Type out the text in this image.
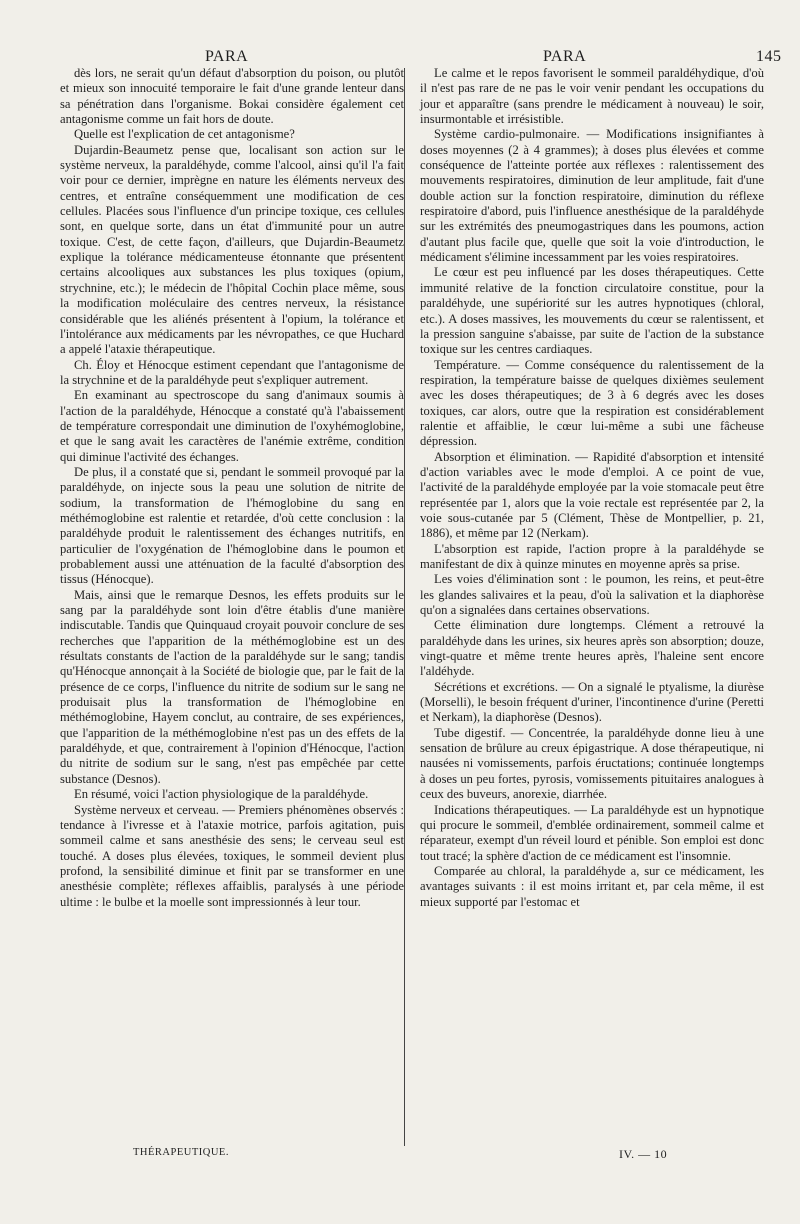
PARA	PARA	145

dès lors, ne serait qu'un défaut d'absorption du poison, ou plutôt et mieux son innocuité temporaire le fait d'une grande lenteur dans sa pénétration dans l'organisme. Bokai considère également cet antagonisme comme un fait hors de doute.

Quelle est l'explication de cet antagonisme?

Dujardin-Beaumetz pense que, localisant son action sur le système nerveux, la paraldéhyde, comme l'alcool, ainsi qu'il l'a fait voir pour ce dernier, imprègne en nature les éléments nerveux des centres, et entraîne conséquemment une modification de ces cellules. Placées sous l'influence d'un principe toxique, ces cellules sont, en quelque sorte, dans un état d'immunité pour un autre toxique. C'est, de cette façon, d'ailleurs, que Dujardin-Beaumetz explique la tolérance médicamenteuse étonnante que présentent certains alcooliques aux substances les plus toxiques (opium, strychnine, etc.); le médecin de l'hôpital Cochin place même, sous la modification moléculaire des centres nerveux, la résistance considérable que les aliénés présentent à l'opium, la tolérance et l'intolérance aux médicaments par les névropathes, ce que Huchard a appelé l'ataxie thérapeutique.

Ch. Éloy et Hénocque estiment cependant que l'antagonisme de la strychnine et de la paraldéhyde peut s'expliquer autrement.

En examinant au spectroscope du sang d'animaux soumis à l'action de la paraldéhyde, Hénocque a constaté qu'à l'abaissement de température correspondait une diminution de l'oxyhémoglobine, et que le sang avait les caractères de l'anémie extrême, condition qui diminue l'activité des échanges.

De plus, il a constaté que si, pendant le sommeil provoqué par la paraldéhyde, on injecte sous la peau une solution de nitrite de sodium, la transformation de l'hémoglobine du sang en méthémoglobine est ralentie et retardée, d'où cette conclusion : la paraldéhyde produit le ralentissement des échanges nutritifs, en particulier de l'oxygénation de l'hémoglobine dans le poumon et probablement aussi une atténuation de la faculté d'absorption des tissus (Hénocque).

Mais, ainsi que le remarque Desnos, les effets produits sur le sang par la paraldéhyde sont loin d'être établis d'une manière indiscutable. Tandis que Quinquaud croyait pouvoir conclure de ses recherches que l'apparition de la méthémoglobine est un des résultats constants de l'action de la paraldéhyde sur le sang; tandis qu'Hénocque annonçait à la Société de biologie que, par le fait de la présence de ce corps, l'influence du nitrite de sodium sur le sang ne produisait plus la transformation de l'hémoglobine en méthémoglobine, Hayem conclut, au contraire, de ses expériences, que l'apparition de la méthémoglobine n'est pas un des effets de la paraldéhyde, et que, contrairement à l'opinion d'Hénocque, l'action du nitrite de sodium sur le sang, n'est pas empêchée par cette substance (Desnos).

En résumé, voici l'action physiologique de la paraldéhyde.

Système nerveux et cerveau. — Premiers phénomènes observés : tendance à l'ivresse et à l'ataxie motrice, parfois agitation, puis sommeil calme et sans anesthésie des sens; le cerveau seul est touché. A doses plus élevées, toxiques, le sommeil devient plus profond, la sensibilité diminue et finit par se transformer en une anesthésie complète; réflexes affaiblis, paralysés à une période ultime : le bulbe et la moelle sont impressionnés à leur tour.

Le calme et le repos favorisent le sommeil paraldéhydique, d'où il n'est pas rare de ne pas le voir venir pendant les occupations du jour et apparaître (sans prendre le médicament à nouveau) le soir, insurmontable et irrésistible.

Système cardio-pulmonaire. — Modifications insignifiantes à doses moyennes (2 à 4 grammes); à doses plus élevées et comme conséquence de l'atteinte portée aux réflexes : ralentissement des mouvements respiratoires, diminution de leur amplitude, fait d'une double action sur la fonction respiratoire, diminution du réflexe respiratoire d'abord, puis l'influence anesthésique de la paraldéhyde sur les extrémités des pneumogastriques dans les poumons, action d'autant plus facile que, quelle que soit la voie d'introduction, le médicament s'élimine incessamment par les voies respiratoires.

Le cœur est peu influencé par les doses thérapeutiques. Cette immunité relative de la fonction circulatoire constitue, pour la paraldéhyde, une supériorité sur les autres hypnotiques (chloral, etc.). A doses massives, les mouvements du cœur se ralentissent, et la pression sanguine s'abaisse, par suite de l'action de la substance toxique sur les centres cardiaques.

Température. — Comme conséquence du ralentissement de la respiration, la température baisse de quelques dixièmes seulement avec les doses thérapeutiques; de 3 à 6 degrés avec les doses toxiques, car alors, outre que la respiration est considérablement ralentie et affaiblie, le cœur lui-même a subi une fâcheuse dépression.

Absorption et élimination. — Rapidité d'absorption et intensité d'action variables avec le mode d'emploi. A ce point de vue, l'activité de la paraldéhyde employée par la voie stomacale peut être représentée par 1, alors que la voie rectale est représentée par 2, la voie sous-cutanée par 5 (Clément, Thèse de Montpellier, p. 21, 1886), et même par 12 (Nerkam).

L'absorption est rapide, l'action propre à la paraldéhyde se manifestant de dix à quinze minutes en moyenne après sa prise.

Les voies d'élimination sont : le poumon, les reins, et peut-être les glandes salivaires et la peau, d'où la salivation et la diaphorèse qu'on a signalées dans certaines observations.

Cette élimination dure longtemps. Clément a retrouvé la paraldéhyde dans les urines, six heures après son absorption; douze, vingt-quatre et même trente heures après, l'haleine sent encore l'aldéhyde.

Sécrétions et excrétions. — On a signalé le ptyalisme, la diurèse (Morselli), le besoin fréquent d'uriner, l'incontinence d'urine (Peretti et Nerkam), la diaphorèse (Desnos).

Tube digestif. — Concentrée, la paraldéhyde donne lieu à une sensation de brûlure au creux épigastrique. A dose thérapeutique, ni nausées ni vomissements, parfois éructations; continuée longtemps à doses un peu fortes, pyrosis, vomissements pituitaires analogues à ceux des buveurs, anorexie, diarrhée.

Indications thérapeutiques. — La paraldéhyde est un hypnotique qui procure le sommeil, d'emblée ordinairement, sommeil calme et réparateur, exempt d'un réveil lourd et pénible. Son emploi est donc tout tracé; la sphère d'action de ce médicament est l'insomnie.

Comparée au chloral, la paraldéhyde a, sur ce médicament, les avantages suivants : il est moins irritant et, par cela même, il est mieux supporté par l'estomac et

THÉRAPEUTIQUE.	IV. — 10
